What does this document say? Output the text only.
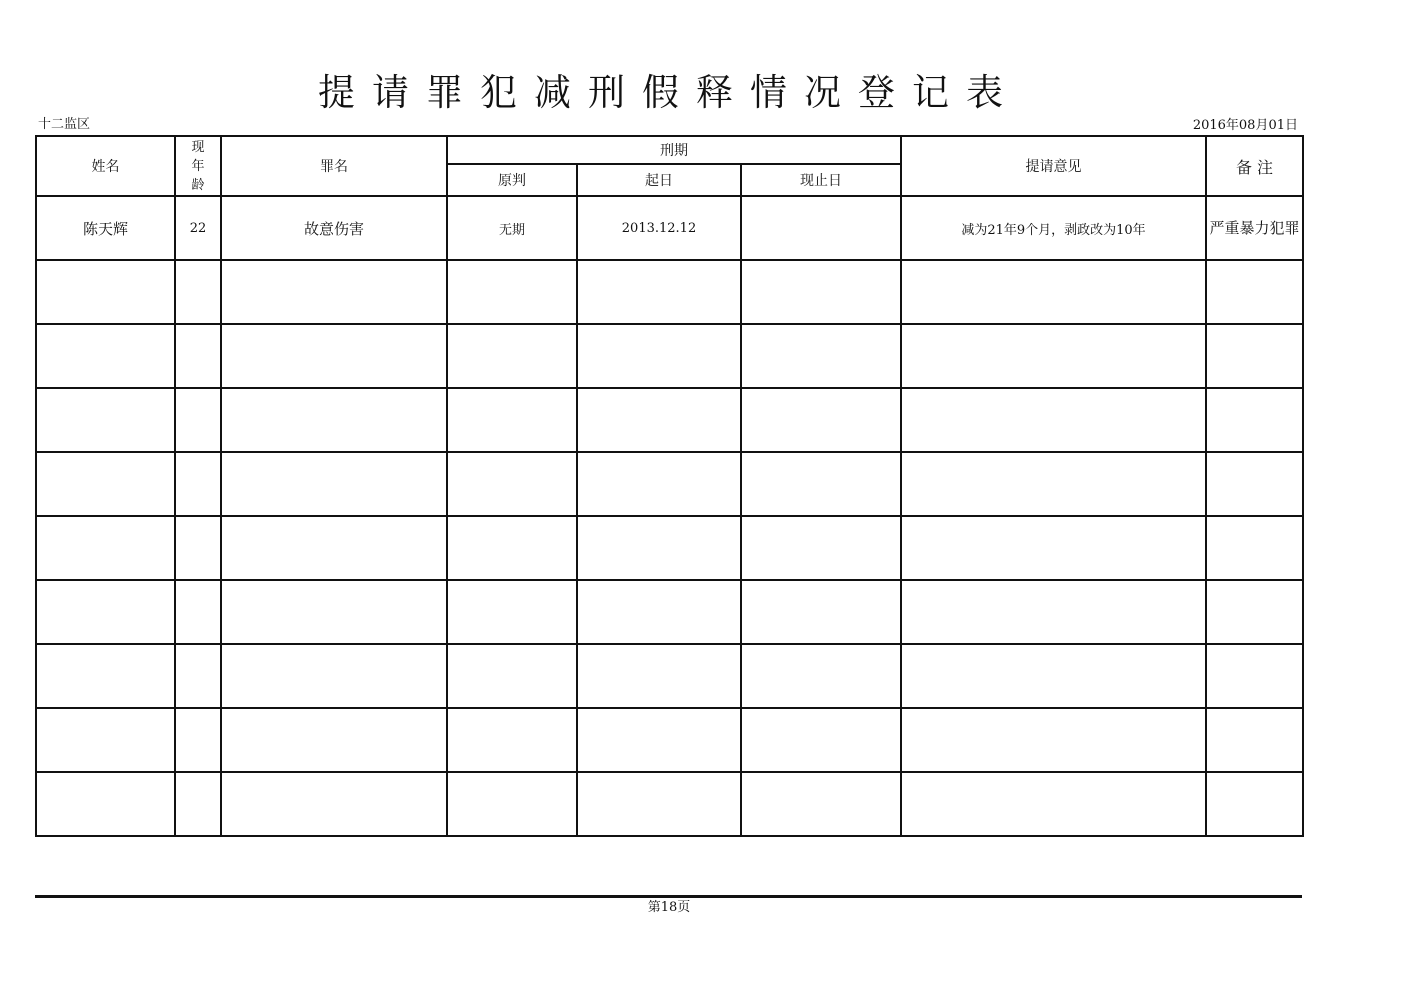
提请罪犯减刑假释情况登记表
十二监区	2016年08月01日
姓名	现
年
龄	罪名	刑期			提请意见	备 注
			原判	起日	现止日		
陈天辉	22	故意伤害	无期	2013.12.12		减为21年9个月，剥政改为10年	严重暴力犯罪

第18页
